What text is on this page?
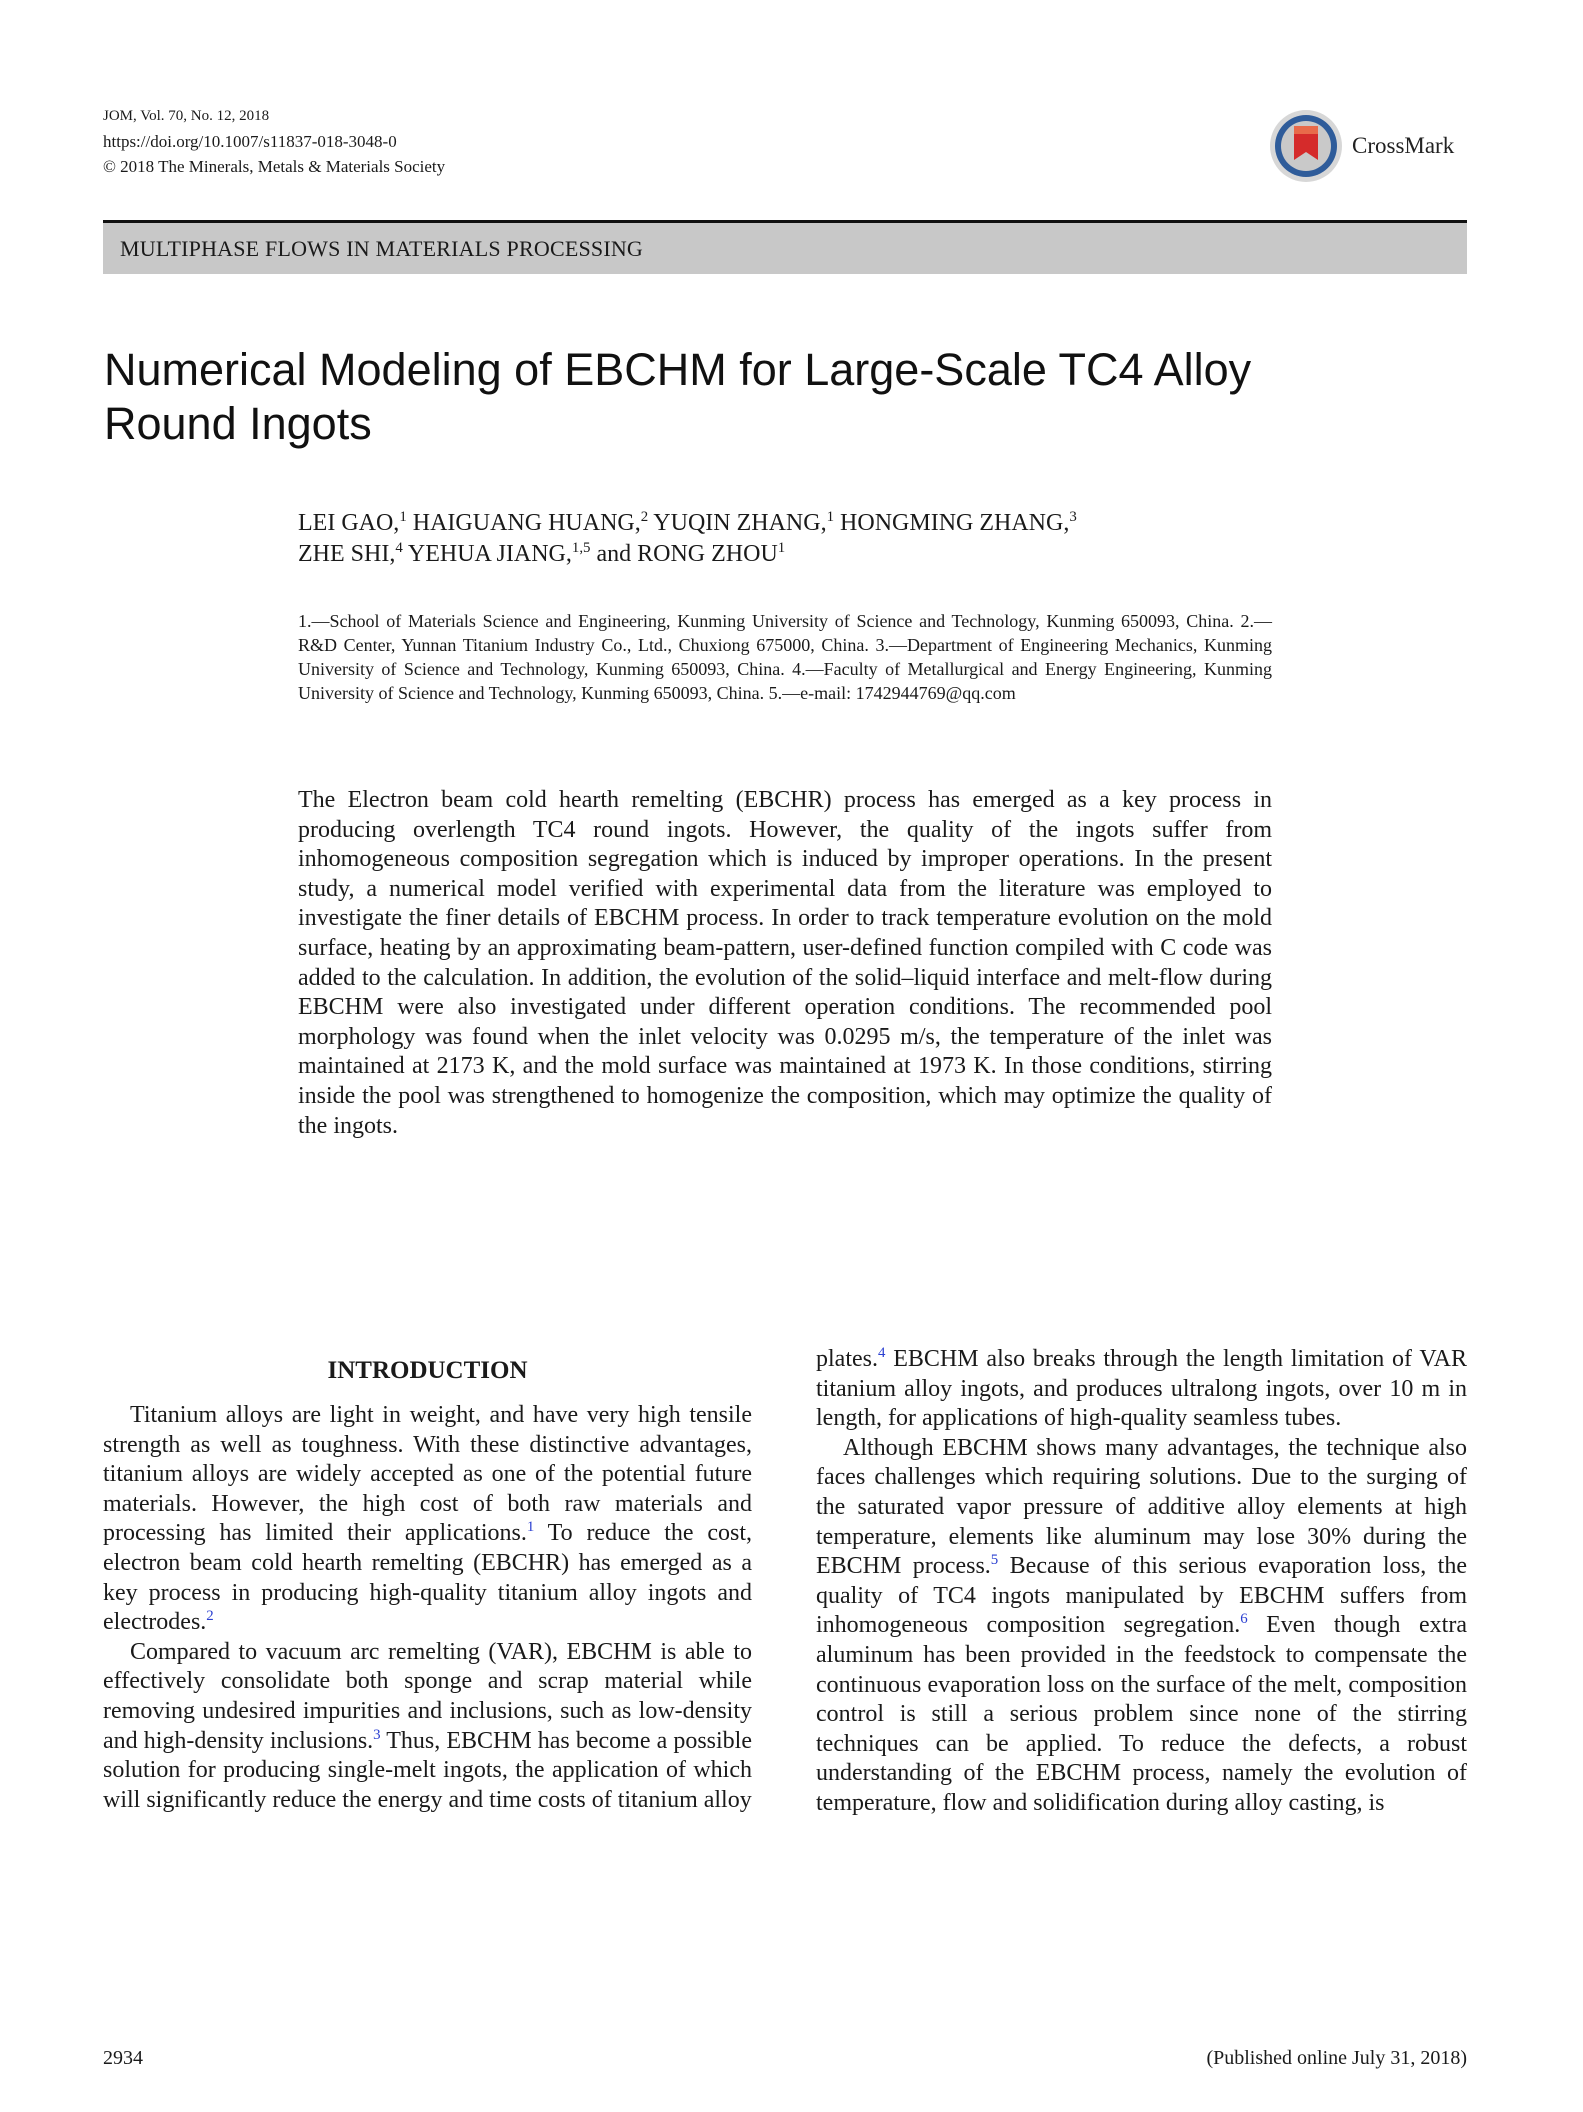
JOM, Vol. 70, No. 12, 2018
https://doi.org/10.1007/s11837-018-3048-0
© 2018 The Minerals, Metals & Materials Society
CrossMark
MULTIPHASE FLOWS IN MATERIALS PROCESSING
Numerical Modeling of EBCHM for Large-Scale TC4 Alloy
Round Ingots
LEI GAO,$^1$ HAIGUANG HUANG,$^2$ YUQIN ZHANG,$^1$ HONGMING ZHANG,$^3$
ZHE SHI,$^4$ YEHUA JIANG,$^{1,5}$ and RONG ZHOU$^1$
1.—School of Materials Science and Engineering, Kunming University of Science and Technology, Kunming 650093, China. 2.—R&D Center, Yunnan Titanium Industry Co., Ltd., Chuxiong 675000, China. 3.—Department of Engineering Mechanics, Kunming University of Science and Technology, Kunming 650093, China. 4.—Faculty of Metallurgical and Energy Engineering, Kunming University of Science and Technology, Kunming 650093, China. 5.—e-mail: 1742944769@qq.com
The Electron beam cold hearth remelting (EBCHR) process has emerged as a key process in producing overlength TC4 round ingots. However, the quality of the ingots suffer from inhomogeneous composition segregation which is induced by improper operations. In the present study, a numerical model verified with experimental data from the literature was employed to investigate the finer details of EBCHM process. In order to track temperature evolution on the mold surface, heating by an approximating beam-pattern, user-defined function compiled with C code was added to the calculation. In addition, the evolution of the solid–liquid interface and melt-flow during EBCHM were also investigated under different operation conditions. The recommended pool morphology was found when the inlet velocity was 0.0295 m/s, the temperature of the inlet was maintained at 2173 K, and the mold surface was maintained at 1973 K. In those conditions, stirring inside the pool was strengthened to homogenize the composition, which may optimize the quality of the ingots.
INTRODUCTION

Titanium alloys are light in weight, and have very high tensile strength as well as toughness. With these distinctive advantages, titanium alloys are widely accepted as one of the potential future materials. However, the high cost of both raw materials and processing has limited their applications.$^1$ To reduce the cost, electron beam cold hearth remelting (EBCHR) has emerged as a key process in producing high-quality titanium alloy ingots and electrodes.$^2$

Compared to vacuum arc remelting (VAR), EBCHM is able to effectively consolidate both sponge and scrap material while removing undesired impurities and inclusions, such as low-density and high-density inclusions.$^3$ Thus, EBCHM has become a possible solution for producing single-melt ingots, the application of which will significantly reduce the energy and time costs of titanium alloy

plates.$^4$ EBCHM also breaks through the length limitation of VAR titanium alloy ingots, and produces ultralong ingots, over 10 m in length, for applications of high-quality seamless tubes.

Although EBCHM shows many advantages, the technique also faces challenges which requiring solutions. Due to the surging of the saturated vapor pressure of additive alloy elements at high temperature, elements like aluminum may lose 30% during the EBCHM process.$^5$ Because of this serious evaporation loss, the quality of TC4 ingots manipulated by EBCHM suffers from inhomogeneous composition segregation.$^6$ Even though extra aluminum has been provided in the feedstock to compensate the continuous evaporation loss on the surface of the melt, composition control is still a serious problem since none of the stirring techniques can be applied. To reduce the defects, a robust understanding of the EBCHM process, namely the evolution of temperature, flow and solidification during alloy casting, is

2934	(Published online July 31, 2018)
